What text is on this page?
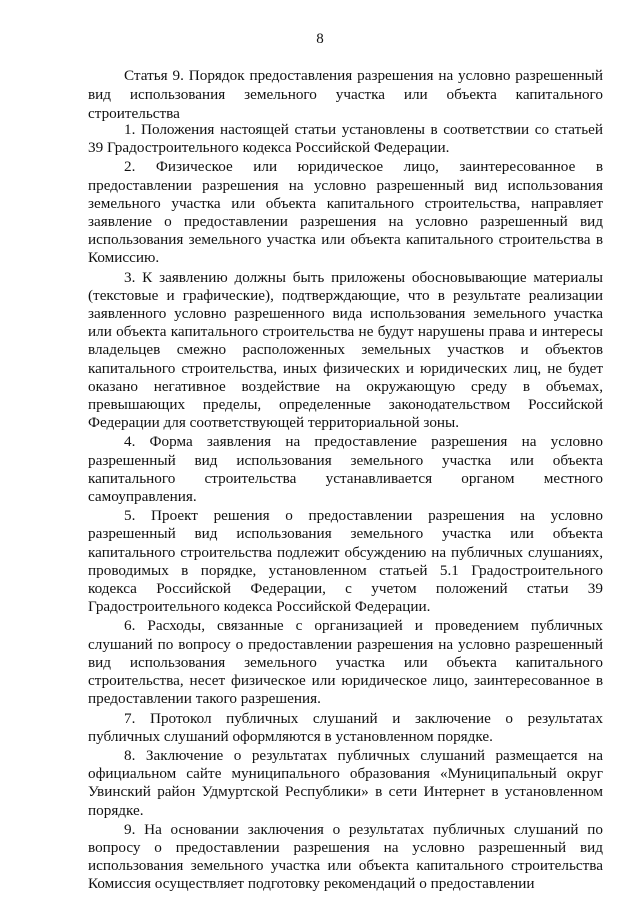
8
Статья 9. Порядок предоставления разрешения на условно разрешенный вид использования земельного участка или объекта капитального строительства

1. Положения настоящей статьи установлены в соответствии со статьей 39 Градостроительного кодекса Российской Федерации.

2. Физическое или юридическое лицо, заинтересованное в предоставлении разрешения на условно разрешенный вид использования земельного участка или объекта капитального строительства, направляет заявление о предоставлении разрешения на условно разрешенный вид использования земельного участка или объекта капитального строительства в Комиссию.

3. К заявлению должны быть приложены обосновывающие материалы (текстовые и графические), подтверждающие, что в результате реализации заявленного условно разрешенного вида использования земельного участка или объекта капитального строительства не будут нарушены права и интересы владельцев смежно расположенных земельных участков и объектов капитального строительства, иных физических и юридических лиц, не будет оказано негативное воздействие на окружающую среду в объемах, превышающих пределы, определенные законодательством Российской Федерации для соответствующей территориальной зоны.

4. Форма заявления на предоставление разрешения на условно разрешенный вид использования земельного участка или объекта капитального строительства устанавливается органом местного самоуправления.

5. Проект решения о предоставлении разрешения на условно разрешенный вид использования земельного участка или объекта капитального строительства подлежит обсуждению на публичных слушаниях, проводимых в порядке, установленном статьей 5.1 Градостроительного кодекса Российской Федерации, с учетом положений статьи 39 Градостроительного кодекса Российской Федерации.

6. Расходы, связанные с организацией и проведением публичных слушаний по вопросу о предоставлении разрешения на условно разрешенный вид использования земельного участка или объекта капитального строительства, несет физическое или юридическое лицо, заинтересованное в предоставлении такого разрешения.

7. Протокол публичных слушаний и заключение о результатах публичных слушаний оформляются в установленном порядке.

8. Заключение о результатах публичных слушаний размещается на официальном сайте муниципального образования «Муниципальный округ Увинский район Удмуртской Республики» в сети Интернет в установленном порядке.

9. На основании заключения о результатах публичных слушаний по вопросу о предоставлении разрешения на условно разрешенный вид использования земельного участка или объекта капитального строительства Комиссия осуществляет подготовку рекомендаций о предоставлении
